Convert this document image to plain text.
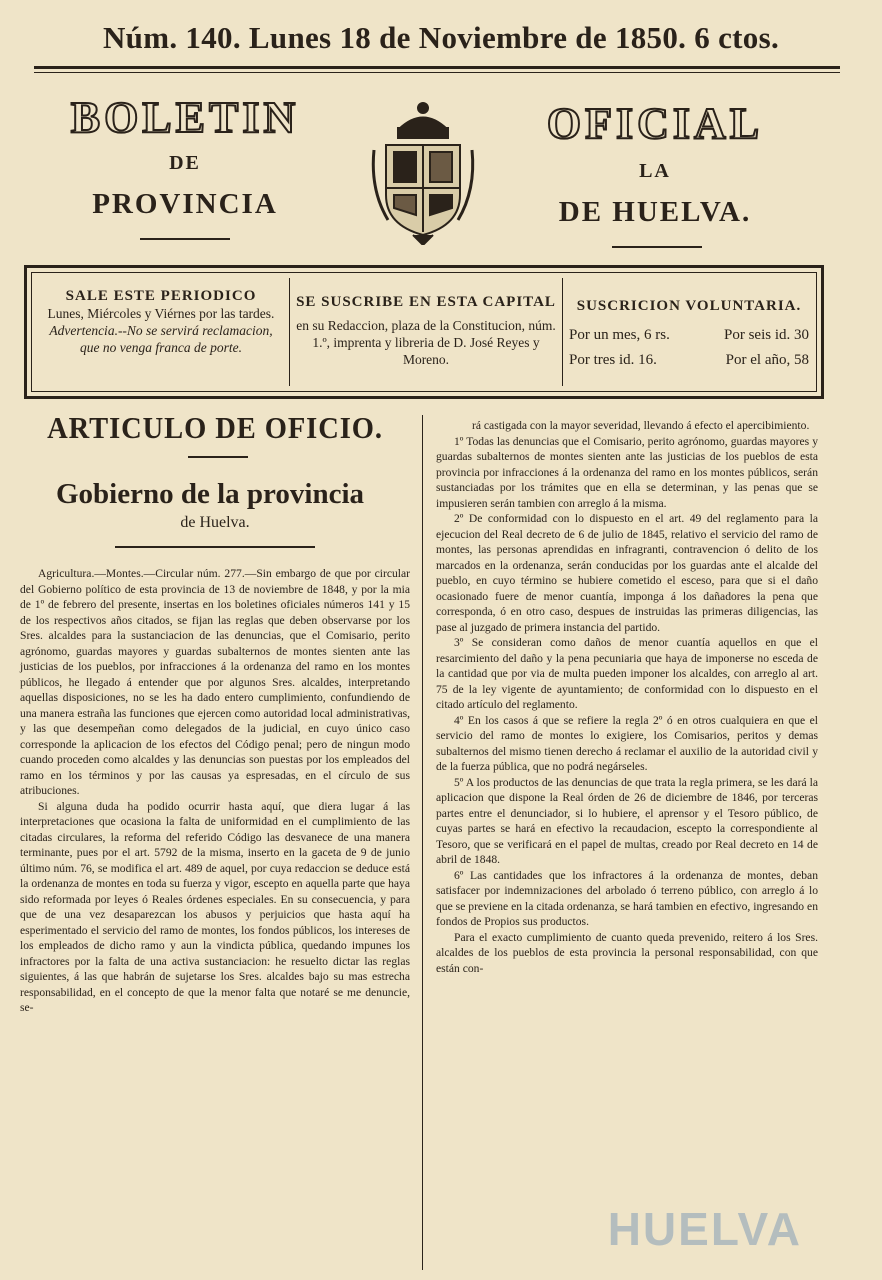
Núm. 140. Lunes 18 de Noviembre de 1850. 6 ctos.
BOLETIN
DE
PROVINCIA
OFICIAL
LA
DE HUELVA.
SALE ESTE PERIODICO
Lunes, Miércoles y Viérnes por las tardes.
Advertencia.--No se servirá reclamacion, que no venga franca de porte.
SE SUSCRIBE EN ESTA CAPITAL
en su Redaccion, plaza de la Constitucion, núm. 1.º, imprenta y libreria de D. José Reyes y Moreno.
SUSCRICION VOLUNTARIA.
Por un mes, 6 rs.	Por seis id. 30
Por tres id. 16.	Por el año, 58
ARTICULO DE OFICIO.
Gobierno de la provincia
de Huelva.

Agricultura.—Montes.—Circular núm. 277.—Sin embargo de que por circular del Gobierno político de esta provincia de 13 de noviembre de 1848, y por la mia de 1º de febrero del presente, insertas en los boletines oficiales números 141 y 15 de los respectivos años citados, se fijan las reglas que deben observarse por los Sres. alcaldes para la sustanciacion de las denuncias, que el Comisario, perito agrónomo, guardas mayores y guardas subalternos de montes sienten ante las justicias de los pueblos, por infracciones á la ordenanza del ramo en los montes públicos, he llegado á entender que por algunos Sres. alcaldes, interpretando aquellas disposiciones, no se les ha dado entero cumplimiento, confundiendo de una manera estraña las funciones que ejercen como autoridad local administrativas, y las que desempeñan como delegados de la judicial, en cuyo único caso corresponde la aplicacion de los efectos del Código penal; pero de ningun modo cuando proceden como alcaldes y las denuncias son puestas por los empleados del ramo en los términos y por las causas ya espresadas, en el círculo de sus atribuciones.

Si alguna duda ha podido ocurrir hasta aquí, que diera lugar á las interpretaciones que ocasiona la falta de uniformidad en el cumplimiento de las citadas circulares, la reforma del referido Código las desvanece de una manera terminante, pues por el art. 5792 de la misma, inserto en la gaceta de 9 de junio último núm. 76, se modifica el art. 489 de aquel, por cuya redaccion se deduce está la ordenanza de montes en toda su fuerza y vigor, escepto en aquella parte que haya sido reformada por leyes ó Reales órdenes especiales. En su consecuencia, y para que de una vez desaparezcan los abusos y perjuicios que hasta aquí ha esperimentado el servicio del ramo de montes, los fondos públicos, los intereses de los empleados de dicho ramo y aun la vindicta pública, quedando impunes los infractores por la falta de una activa sustanciacion: he resuelto dictar las reglas siguientes, á las que habrán de sujetarse los Sres. alcaldes bajo su mas estrecha responsabilidad, en el concepto de que la menor falta que notaré se me denuncie, se-

rá castigada con la mayor severidad, llevando á efecto el apercibimiento.

1º Todas las denuncias que el Comisario, perito agrónomo, guardas mayores y guardas subalternos de montes sienten ante las justicias de los pueblos de esta provincia por infracciones á la ordenanza del ramo en los montes públicos, serán sustanciadas por los trámites que en ella se determinan, y las penas que se impusieren serán tambien con arreglo á la misma.

2º De conformidad con lo dispuesto en el art. 49 del reglamento para la ejecucion del Real decreto de 6 de julio de 1845, relativo el servicio del ramo de montes, las personas aprendidas en infragranti, contravencion ó delito de los marcados en la ordenanza, serán conducidas por los guardas ante el alcalde del pueblo, en cuyo término se hubiere cometido el esceso, para que si el daño ocasionado fuere de menor cuantía, imponga á los dañadores la pena que corresponda, ó en otro caso, despues de instruidas las primeras diligencias, las pase al juzgado de primera instancia del partido.

3º Se consideran como daños de menor cuantía aquellos en que el resarcimiento del daño y la pena pecuniaria que haya de imponerse no esceda de la cantidad que por via de multa pueden imponer los alcaldes, con arreglo al art. 75 de la ley vigente de ayuntamiento; de conformidad con lo dispuesto en el citado artículo del reglamento.

4º En los casos á que se refiere la regla 2º ó en otros cualquiera en que el servicio del ramo de montes lo exigiere, los Comisarios, peritos y demas subalternos del mismo tienen derecho á reclamar el auxilio de la autoridad civil y de la fuerza pública, que no podrá negárseles.

5º A los productos de las denuncias de que trata la regla primera, se les dará la aplicacion que dispone la Real órden de 26 de diciembre de 1846, por terceras partes entre el denunciador, si lo hubiere, el aprensor y el Tesoro público, de cuyas partes se hará en efectivo la recaudacion, escepto la correspondiente al Tesoro, que se verificará en el papel de multas, creado por Real decreto en 14 de abril de 1848.

6º Las cantidades que los infractores á la ordenanza de montes, deban satisfacer por indemnizaciones del arbolado ó terreno público, con arreglo á lo que se previene en la citada ordenanza, se hará tambien en efectivo, ingresando en fondos de Propios sus productos.

Para el exacto cumplimiento de cuanto queda prevenido, reitero á los Sres. alcaldes de los pueblos de esta provincia la personal responsabilidad, con que están con-

HUELVA
